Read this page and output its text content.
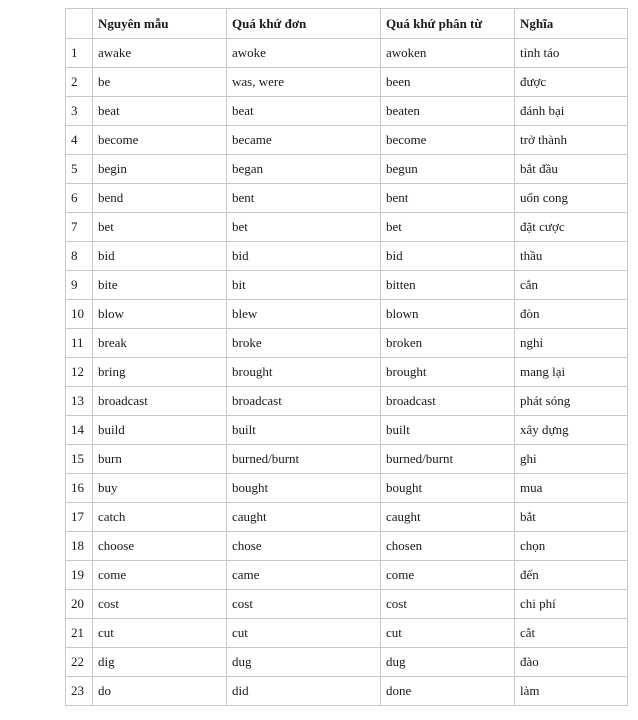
	Nguyên mẫu	Quá khứ đơn	Quá khứ phân từ	Nghĩa
1	awake	awoke	awoken	tỉnh táo
2	be	was, were	been	được
3	beat	beat	beaten	đánh bại
4	become	became	become	trở thành
5	begin	began	begun	bắt đầu
6	bend	bent	bent	uốn cong
7	bet	bet	bet	đặt cược
8	bid	bid	bid	thầu
9	bite	bit	bitten	cắn
10	blow	blew	blown	đòn
11	break	broke	broken	nghỉ
12	bring	brought	brought	mang lại
13	broadcast	broadcast	broadcast	phát sóng
14	build	built	built	xây dựng
15	burn	burned/burnt	burned/burnt	ghi
16	buy	bought	bought	mua
17	catch	caught	caught	bắt
18	choose	chose	chosen	chọn
19	come	came	come	đến
20	cost	cost	cost	chi phí
21	cut	cut	cut	cắt
22	dig	dug	dug	đào
23	do	did	done	làm
